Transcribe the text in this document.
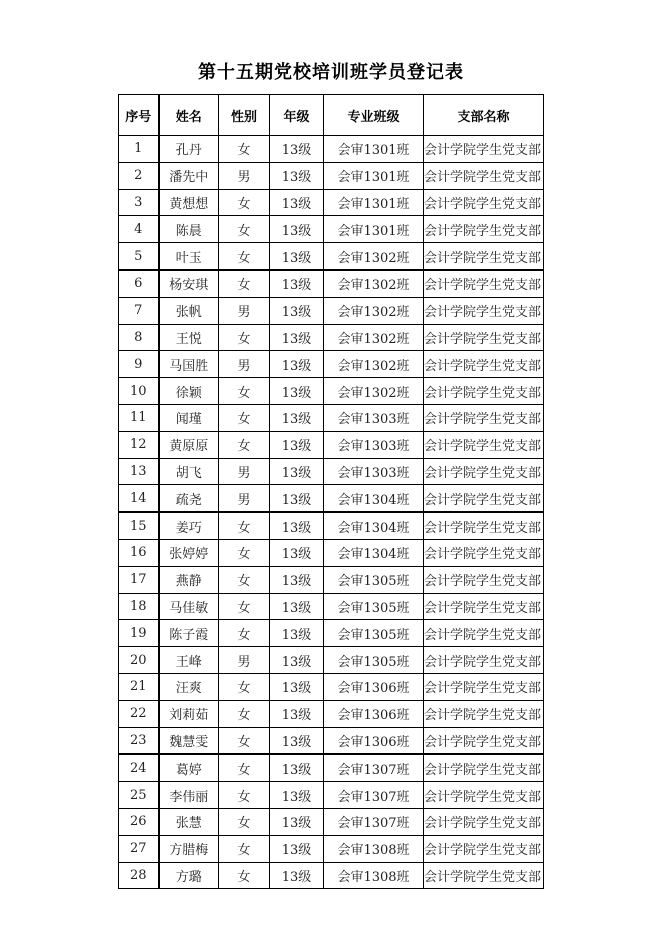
第十五期党校培训班学员登记表
序号	姓名	性别	年级	专业班级	支部名称
1	孔丹	女	13级	会审1301班	会计学院学生党支部
2	潘先中	男	13级	会审1301班	会计学院学生党支部
3	黄想想	女	13级	会审1301班	会计学院学生党支部
4	陈晨	女	13级	会审1301班	会计学院学生党支部
5	叶玉	女	13级	会审1302班	会计学院学生党支部
6	杨安琪	女	13级	会审1302班	会计学院学生党支部
7	张帆	男	13级	会审1302班	会计学院学生党支部
8	王悦	女	13级	会审1302班	会计学院学生党支部
9	马国胜	男	13级	会审1302班	会计学院学生党支部
10	徐颖	女	13级	会审1302班	会计学院学生党支部
11	闻瑾	女	13级	会审1303班	会计学院学生党支部
12	黄原原	女	13级	会审1303班	会计学院学生党支部
13	胡飞	男	13级	会审1303班	会计学院学生党支部
14	疏尧	男	13级	会审1304班	会计学院学生党支部
15	姜巧	女	13级	会审1304班	会计学院学生党支部
16	张婷婷	女	13级	会审1304班	会计学院学生党支部
17	燕静	女	13级	会审1305班	会计学院学生党支部
18	马佳敏	女	13级	会审1305班	会计学院学生党支部
19	陈子霞	女	13级	会审1305班	会计学院学生党支部
20	王峰	男	13级	会审1305班	会计学院学生党支部
21	汪爽	女	13级	会审1306班	会计学院学生党支部
22	刘莉茹	女	13级	会审1306班	会计学院学生党支部
23	魏慧雯	女	13级	会审1306班	会计学院学生党支部
24	葛婷	女	13级	会审1307班	会计学院学生党支部
25	李伟丽	女	13级	会审1307班	会计学院学生党支部
26	张慧	女	13级	会审1307班	会计学院学生党支部
27	方腊梅	女	13级	会审1308班	会计学院学生党支部
28	方璐	女	13级	会审1308班	会计学院学生党支部
